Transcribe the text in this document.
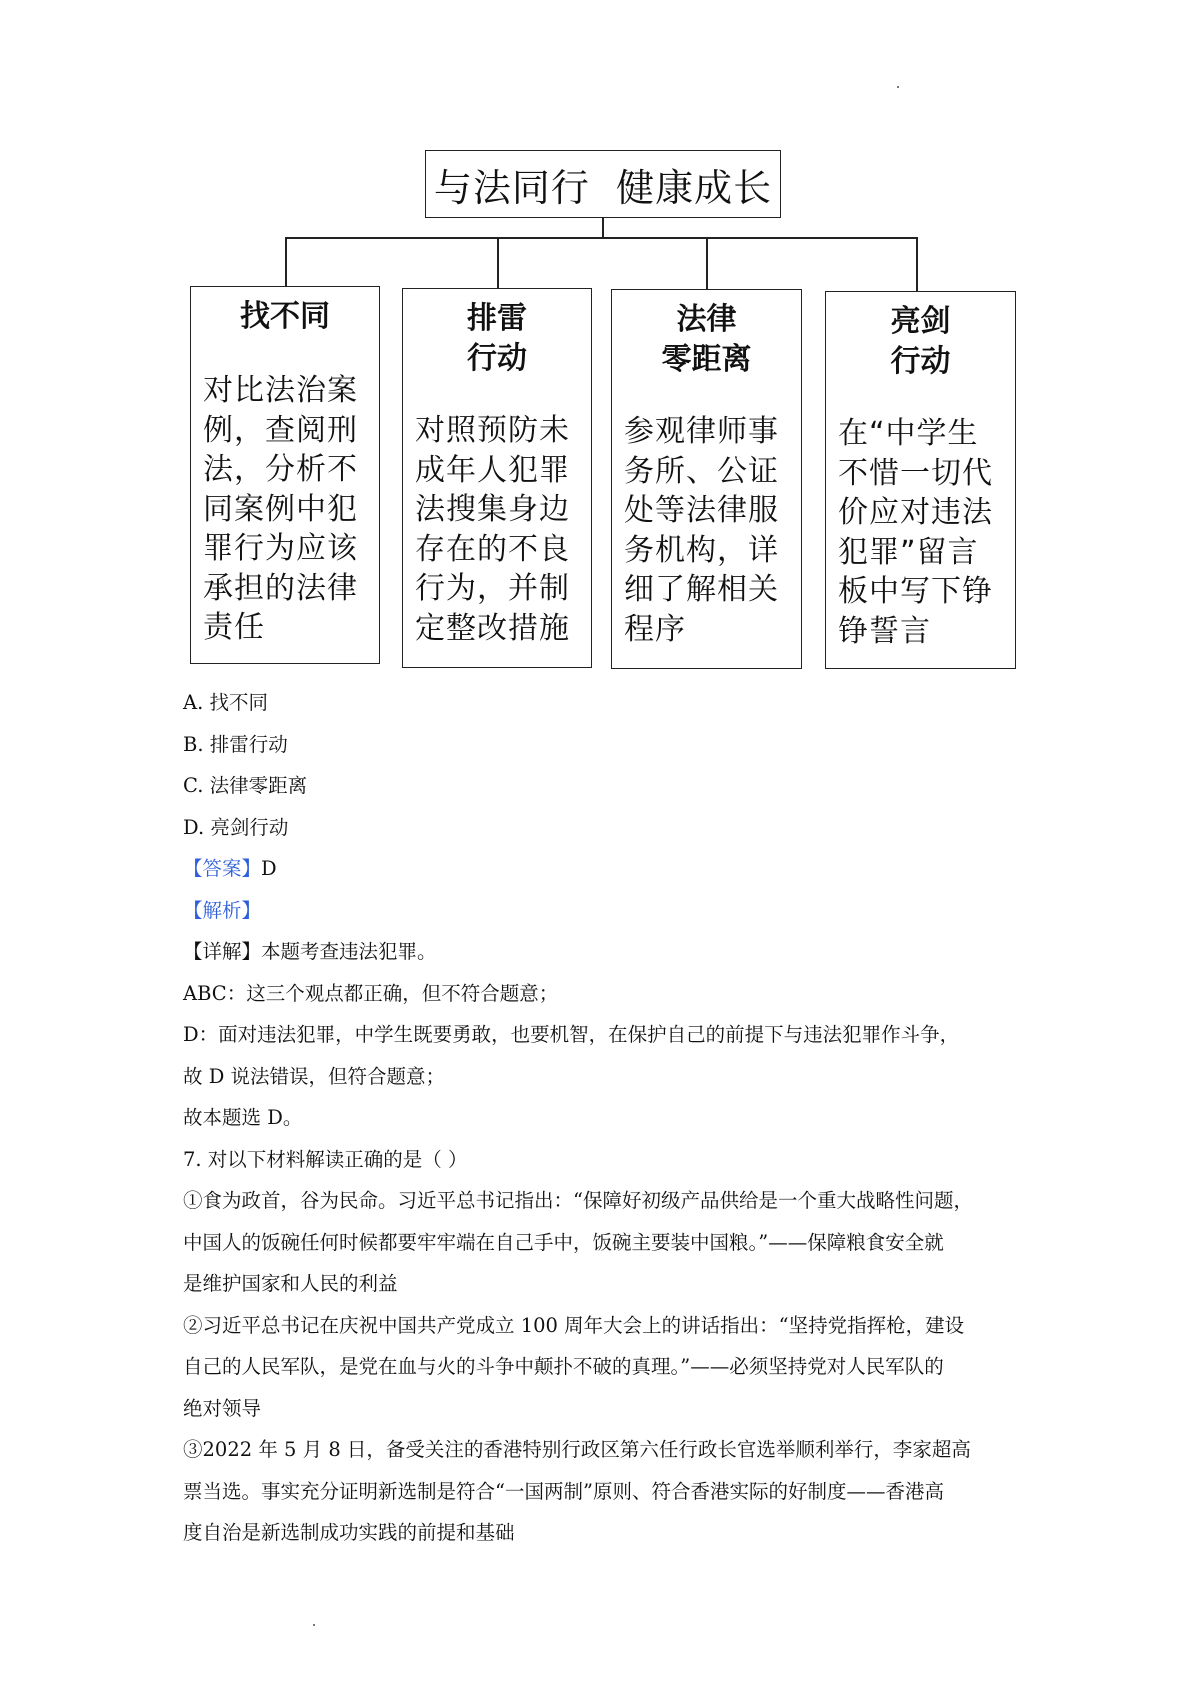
与法同行  健康成长
找不同
对比法治案
例，查阅刑
法，分析不
同案例中犯
罪行为应该
承担的法律
责任
排雷
行动
对照预防未
成年人犯罪
法搜集身边
存在的不良
行为，并制
定整改措施
法律
零距离
参观律师事
务所、公证
处等法律服
务机构，详
细了解相关
程序
亮剑
行动
在“中学生
不惜一切代
价应对违法
犯罪”留言
板中写下铮
铮誓言

A. 找不同

B. 排雷行动

C. 法律零距离

D. 亮剑行动

【答案】D

【解析】

【详解】本题考查违法犯罪。

ABC：这三个观点都正确，但不符合题意；

D：面对违法犯罪，中学生既要勇敢，也要机智，在保护自己的前提下与违法犯罪作斗争，

故 D 说法错误，但符合题意；

故本题选 D。

7. 对以下材料解读正确的是（ ）

①食为政首，谷为民命。习近平总书记指出：“保障好初级产品供给是一个重大战略性问题，

中国人的饭碗任何时候都要牢牢端在自己手中，饭碗主要装中国粮。”——保障粮食安全就

是维护国家和人民的利益

②习近平总书记在庆祝中国共产党成立 100 周年大会上的讲话指出：“坚持党指挥枪，建设

自己的人民军队，是党在血与火的斗争中颠扑不破的真理。”——必须坚持党对人民军队的

绝对领导

③2022 年 5 月 8 日，备受关注的香港特别行政区第六任行政长官选举顺利举行，李家超高

票当选。事实充分证明新选制是符合“一国两制”原则、符合香港实际的好制度——香港高

度自治是新选制成功实践的前提和基础
